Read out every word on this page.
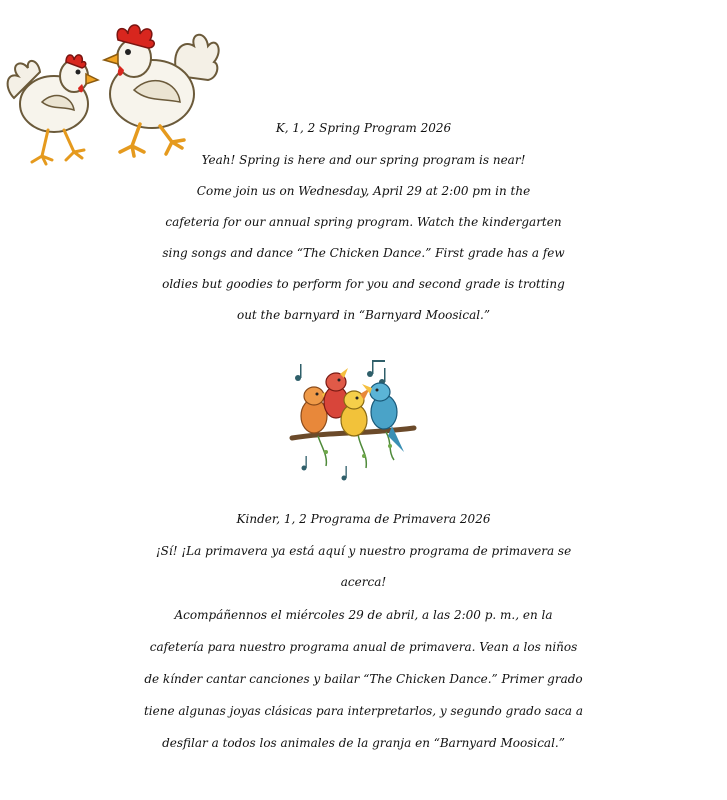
K, 1, 2 Spring Program 2026
Yeah! Spring is here and our spring program is near!
Come join us on Wednesday, April 29 at 2:00 pm in the
cafeteria for our annual spring program. Watch the kindergarten
sing songs and dance “The Chicken Dance.” First grade has a few
oldies but goodies to perform for you and second grade is trotting
out the barnyard in “Barnyard Moosical.”
Kinder, 1, 2 Programa de Primavera 2026
¡Sí! ¡La primavera ya está aquí y nuestro programa de primavera se
acerca!
Acompáñennos el miércoles 29 de abril, a las 2:00 p. m., en la
cafetería para nuestro programa anual de primavera. Vean a los niños
de kínder cantar canciones y bailar “The Chicken Dance.” Primer grado
tiene algunas joyas clásicas para interpretarlos, y segundo grado saca a
desfilar a todos los animales de la granja en “Barnyard Moosical.”
